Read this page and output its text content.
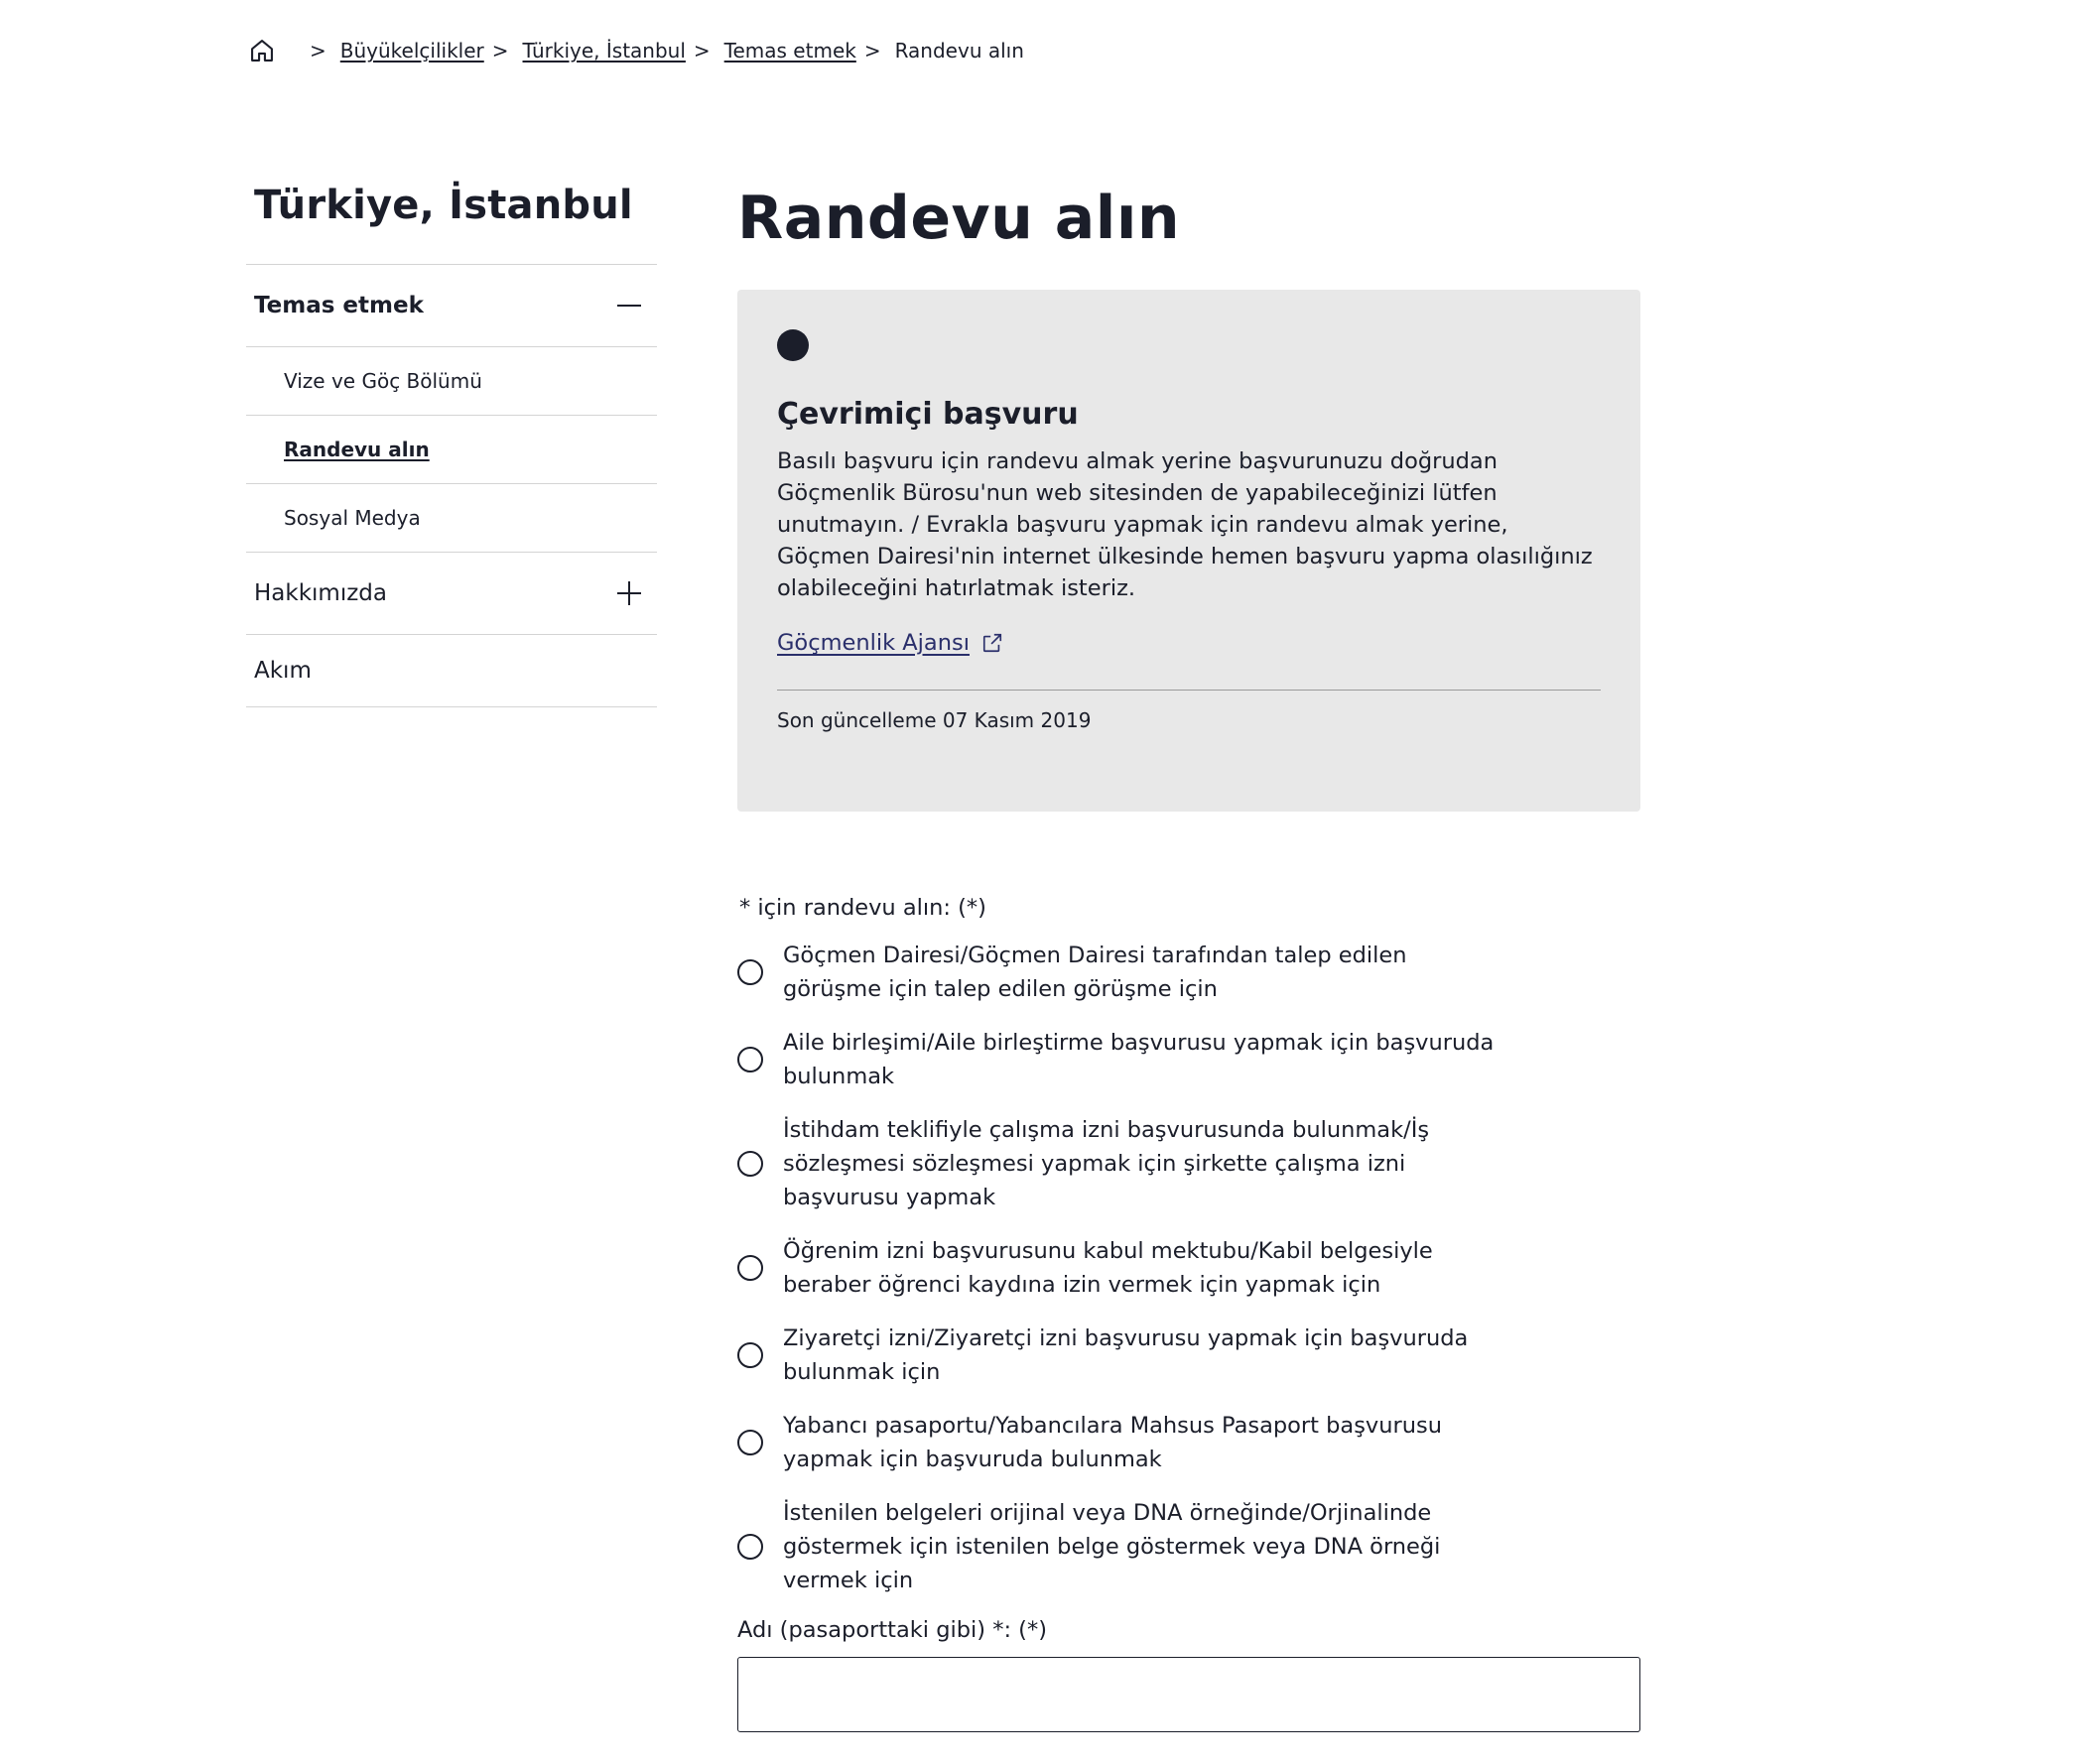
> Büyükelçilikler > Türkiye, İstanbul > Temas etmek > Randevu alın
Türkiye, İstanbul
Temas etmek
Vize ve Göç Bölümü
Randevu alın
Sosyal Medya
Hakkımızda
Akım
Randevu alın
Çevrimiçi başvuru

Basılı başvuru için randevu almak yerine başvurunuzu doğrudan Göçmenlik Bürosu'nun web sitesinden de yapabileceğinizi lütfen unutmayın. / Evrakla başvuru yapmak için randevu almak yerine, Göçmen Dairesi'nin internet ülkesinde hemen başvuru yapma olasılığınız olabileceğini hatırlatmak isteriz.

Göçmenlik Ajansı
Son güncelleme 07 Kasım 2019
* için randevu alın: (*)
Göçmen Dairesi/Göçmen Dairesi tarafından talep edilen görüşme için talep edilen görüşme için
Aile birleşimi/Aile birleştirme başvurusu yapmak için başvuruda bulunmak
İstihdam teklifiyle çalışma izni başvurusunda bulunmak/İş sözleşmesi sözleşmesi yapmak için şirkette çalışma izni başvurusu yapmak
Öğrenim izni başvurusunu kabul mektubu/Kabil belgesiyle beraber öğrenci kaydına izin vermek için yapmak için
Ziyaretçi izni/Ziyaretçi izni başvurusu yapmak için başvuruda bulunmak için
Yabancı pasaportu/Yabancılara Mahsus Pasaport başvurusu yapmak için başvuruda bulunmak
İstenilen belgeleri orijinal veya DNA örneğinde/Orjinalinde göstermek için istenilen belge göstermek veya DNA örneği vermek için
Adı (pasaporttaki gibi) *: (*)
